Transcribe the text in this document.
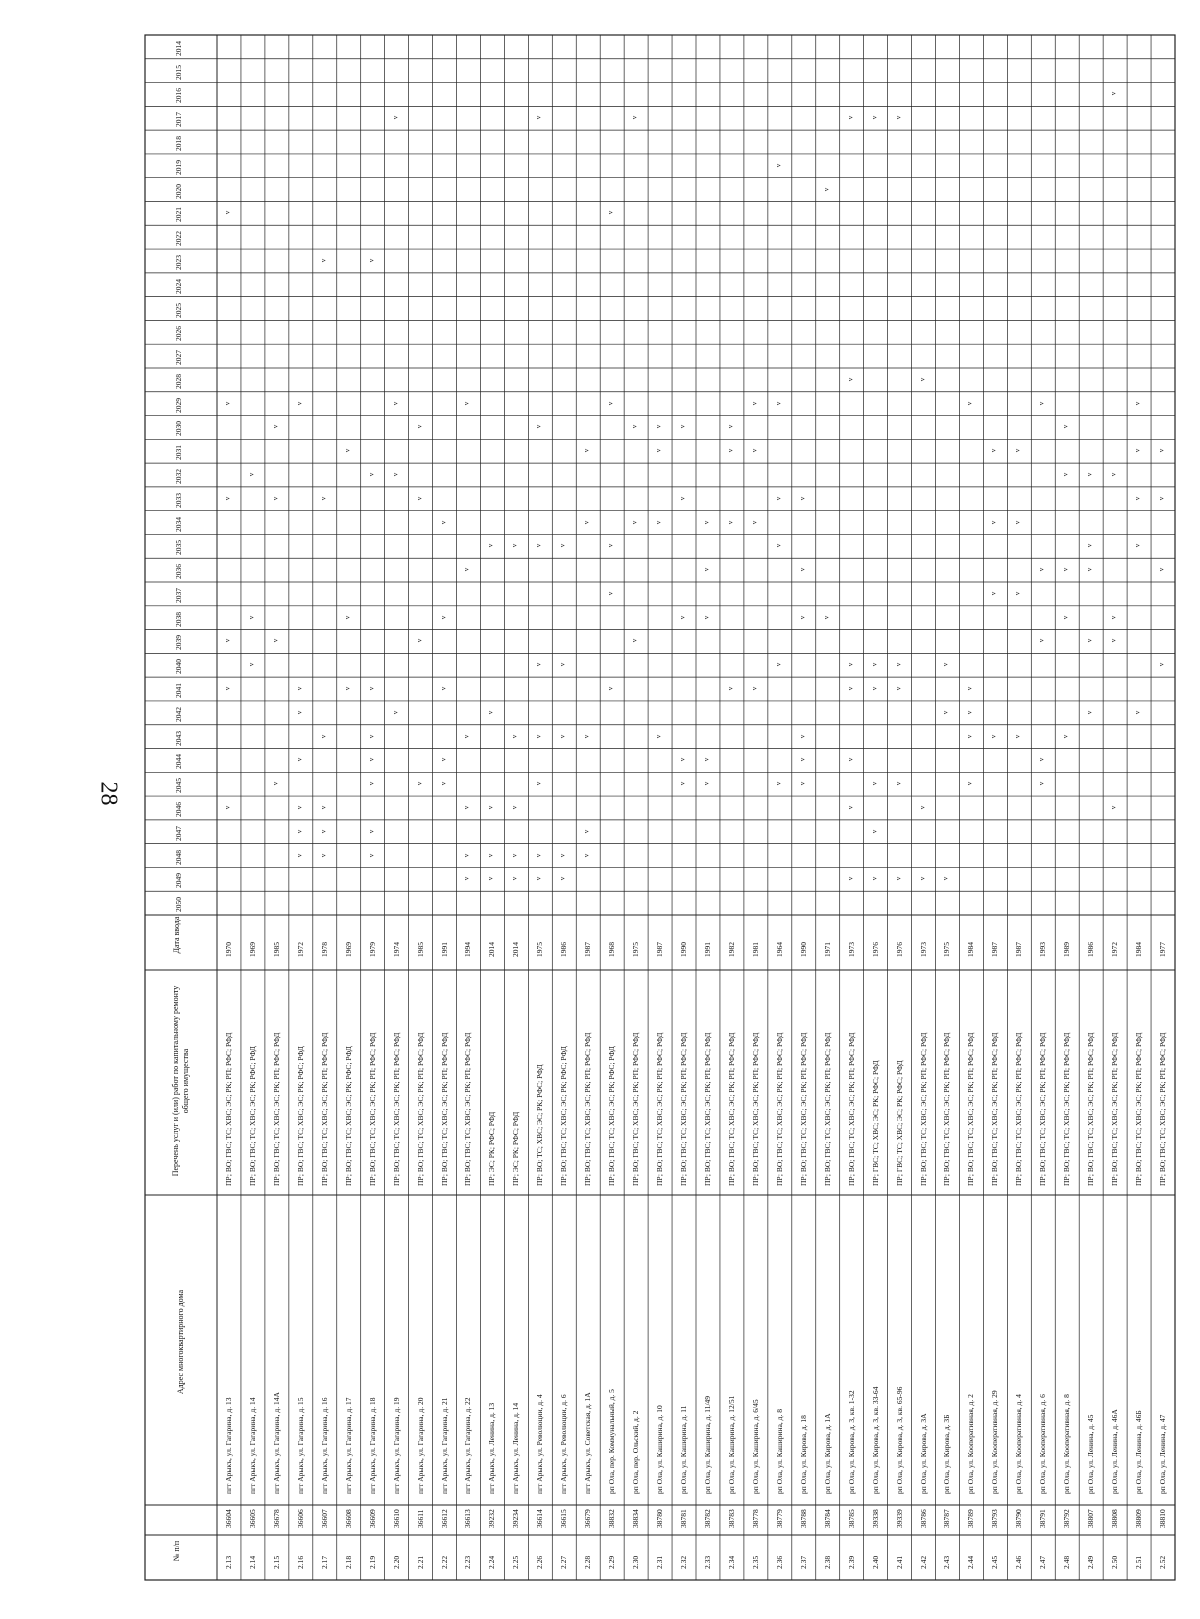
28
№ п/п
Адрес многоквартирного дома
Перечень услуг и (или) работ по капитальному ремонту общего имущества
Дата ввода
2014
2015
2016
2017
2018
2019
2020
2021
2022
2023
2024
2025
2026
2027
2028
2029
2030
2031
2032
2033
2034
2035
2036
2037
2038
2039
2040
2041
2042
2043
2044
2045
2046
2047
2048
2049
2050
2.13
36604
пгт Арыкъ, ул. Гагарина, д. 13
ПР; ВО; ГВС; ТС; ХВС; ЭС; РК; РП; РФС; РФД
1970
v
v
v
v
v
v
2.14
36605
пгт Арыкъ, ул. Гагарина, д. 14
ПР; ВО; ГВС; ТС; ХВС; ЭС; РК; РФС; РФД
1969
v
v
v
2.15
36678
пгт Арыкъ, ул. Гагарина, д. 14А
ПР; ВО; ГВС; ТС; ХВС; ЭС; РК; РП; РФС; РФД
1985
v
v
v
v
2.16
36606
пгт Арыкъ, ул. Гагарина, д. 15
ПР; ВО; ГВС; ТС; ХВС; ЭС; РК; РФС; РФД
1972
v
v
v
v
v
v
v
2.17
36607
пгт Арыкъ, ул. Гагарина, д. 16
ПР; ВО; ГВС; ТС; ХВС; ЭС; РК; РП; РФС; РФД
1978
v
v
v
v
v
v
2.18
36608
пгт Арыкъ, ул. Гагарина, д. 17
ПР; ВО; ГВС; ТС; ХВС; ЭС; РК; РФС; РФД
1969
v
v
v
2.19
36609
пгт Арыкъ, ул. Гагарина, д. 18
ПР; ВО; ГВС; ТС; ХВС; ЭС; РК; РП; РФС; РФД
1979
v
v
v
v
v
v
v
v
2.20
36610
пгт Арыкъ, ул. Гагарина, д. 19
ПР; ВО; ГВС; ТС; ХВС; ЭС; РК; РП; РФС; РФД
1974
v
v
v
v
2.21
36611
пгт Арыкъ, ул. Гагарина, д. 20
ПР; ВО; ГВС; ТС; ХВС; ЭС; РК; РП; РФС; РФД
1985
v
v
v
v
2.22
36612
пгт Арыкъ, ул. Гагарина, д. 21
ПР; ВО; ГВС; ТС; ХВС; ЭС; РК; РП; РФС; РФД
1991
v
v
v
v
v
2.23
36613
пгт Арыкъ, ул. Гагарина, д. 22
ПР; ВО; ГВС; ТС; ХВС; ЭС; РК; РП; РФС; РФД
1994
v
v
v
v
v
v
2.24
39232
пгт Арыкъ, ул. Ленина, д. 13
ПР; ЭС; РК; РФС; РФД
2014
v
v
v
v
v
2.25
39234
пгт Арыкъ, ул. Ленина, д. 14
ПР; ЭС; РК; РФС; РФД
2014
v
v
v
v
v
2.26
36614
пгт Арыкъ, ул. Революции, д. 4
ПР; ВО; ТС; ХВС; ЭС; РК; РФС; РФД
1975
v
v
v
v
v
v
v
v
2.27
36615
пгт Арыкъ, ул. Революции, д. 6
ПР; ВО; ГВС; ТС; ХВС; ЭС; РК; РФС; РФД
1986
v
v
v
v
v
2.28
36679
пгт Арыкъ, ул. Советская, д. 1А
ПР; ВО; ГВС; ТС; ХВС; ЭС; РК; РП; РФС; РФД
1987
v
v
v
v
v
2.29
38832
рп Ола, пер. Коммунальный, д. 5
ПР; ВО; ГВС; ТС; ХВС; ЭС; РК; РФС; РФД
1968
v
v
v
v
v
2.30
38834
рп Ола, пер. Ольский, д. 2
ПР; ВО; ГВС; ТС; ХВС; ЭС; РК; РП; РФС; РФД
1975
v
v
v
v
2.31
38780
рп Ола, ул. Каширина, д. 10
ПР; ВО; ГВС; ТС; ХВС; ЭС; РК; РП; РФС; РФД
1987
v
v
v
v
2.32
38781
рп Ола, ул. Каширина, д. 11
ПР; ВО; ГВС; ТС; ХВС; ЭС; РК; РП; РФС; РФД
1990
v
v
v
v
v
2.33
38782
рп Ола, ул. Каширина, д. 11/49
ПР; ВО; ГВС; ТС; ХВС; ЭС; РК; РП; РФС; РФД
1991
v
v
v
v
v
2.34
38783
рп Ола, ул. Каширина, д. 12/51
ПР; ВО; ГВС; ТС; ХВС; ЭС; РК; РП; РФС; РФД
1982
v
v
v
v
2.35
38778
рп Ола, ул. Каширина, д. 6/45
ПР; ВО; ГВС; ТС; ХВС; ЭС; РК; РП; РФС; РФД
1981
v
v
v
v
2.36
38779
рп Ола, ул. Каширина, д. 8
ПР; ВО; ГВС; ТС; ХВС; ЭС; РК; РП; РФС; РФД
1964
v
v
v
v
v
v
2.37
38788
рп Ола, ул. Кирова, д. 18
ПР; ВО; ГВС; ТС; ХВС; ЭС; РК; РП; РФС; РФД
1990
v
v
v
v
v
v
2.38
38784
рп Ола, ул. Кирова, д. 1А
ПР; ВО; ГВС; ТС; ХВС; ЭС; РК; РП; РФС; РФД
1971
v
v
2.39
38785
рп Ола, ул. Кирова, д. 3, кв. 1-32
ПР; ВО; ГВС; ТС; ХВС; ЭС; РК; РП; РФС; РФД
1973
v
v
v
v
v
v
v
2.40
39338
рп Ола, ул. Кирова, д. 3, кв. 33-64
ПР; ГВС; ТС; ХВС; ЭС; РК; РФС; РФД
1976
v
v
v
v
v
v
2.41
39339
рп Ола, ул. Кирова, д. 3, кв. 65-96
ПР; ГВС; ТС; ХВС; ЭС; РК; РФС; РФД
1976
v
v
v
v
v
2.42
38786
рп Ола, ул. Кирова, д. 3А
ПР; ВО; ГВС; ТС; ХВС; ЭС; РК; РП; РФС; РФД
1973
v
v
v
2.43
38787
рп Ола, ул. Кирова, д. 3Б
ПР; ВО; ГВС; ТС; ХВС; ЭС; РК; РП; РФС; РФД
1975
v
v
v
2.44
38789
рп Ола, ул. Кооперативная, д. 2
ПР; ВО; ГВС; ТС; ХВС; ЭС; РК; РП; РФС; РФД
1984
v
v
v
v
v
2.45
38793
рп Ола, ул. Кооперативная, д. 29
ПР; ВО; ГВС; ТС; ХВС; ЭС; РК; РП; РФС; РФД
1987
v
v
v
v
2.46
38790
рп Ола, ул. Кооперативная, д. 4
ПР; ВО; ГВС; ТС; ХВС; ЭС; РК; РП; РФС; РФД
1987
v
v
v
v
2.47
38791
рп Ола, ул. Кооперативная, д. 6
ПР; ВО; ГВС; ТС; ХВС; ЭС; РК; РП; РФС; РФД
1993
v
v
v
v
v
2.48
38792
рп Ола, ул. Кооперативная, д. 8
ПР; ВО; ГВС; ТС; ХВС; ЭС; РК; РП; РФС; РФД
1989
v
v
v
v
v
2.49
38807
рп Ола, ул. Ленина, д. 45
ПР; ВО; ГВС; ТС; ХВС; ЭС; РК; РП; РФС; РФД
1986
v
v
v
v
v
2.50
38808
рп Ола, ул. Ленина, д. 46А
ПР; ВО; ГВС; ТС; ХВС; ЭС; РК; РП; РФС; РФД
1972
v
v
v
v
v
2.51
38809
рп Ола, ул. Ленина, д. 46Б
ПР; ВО; ГВС; ТС; ХВС; ЭС; РК; РП; РФС; РФД
1984
v
v
v
v
v
2.52
38810
рп Ола, ул. Ленина, д. 47
ПР; ВО; ГВС; ТС; ХВС; ЭС; РК; РП; РФС; РФД
1977
v
v
v
v
